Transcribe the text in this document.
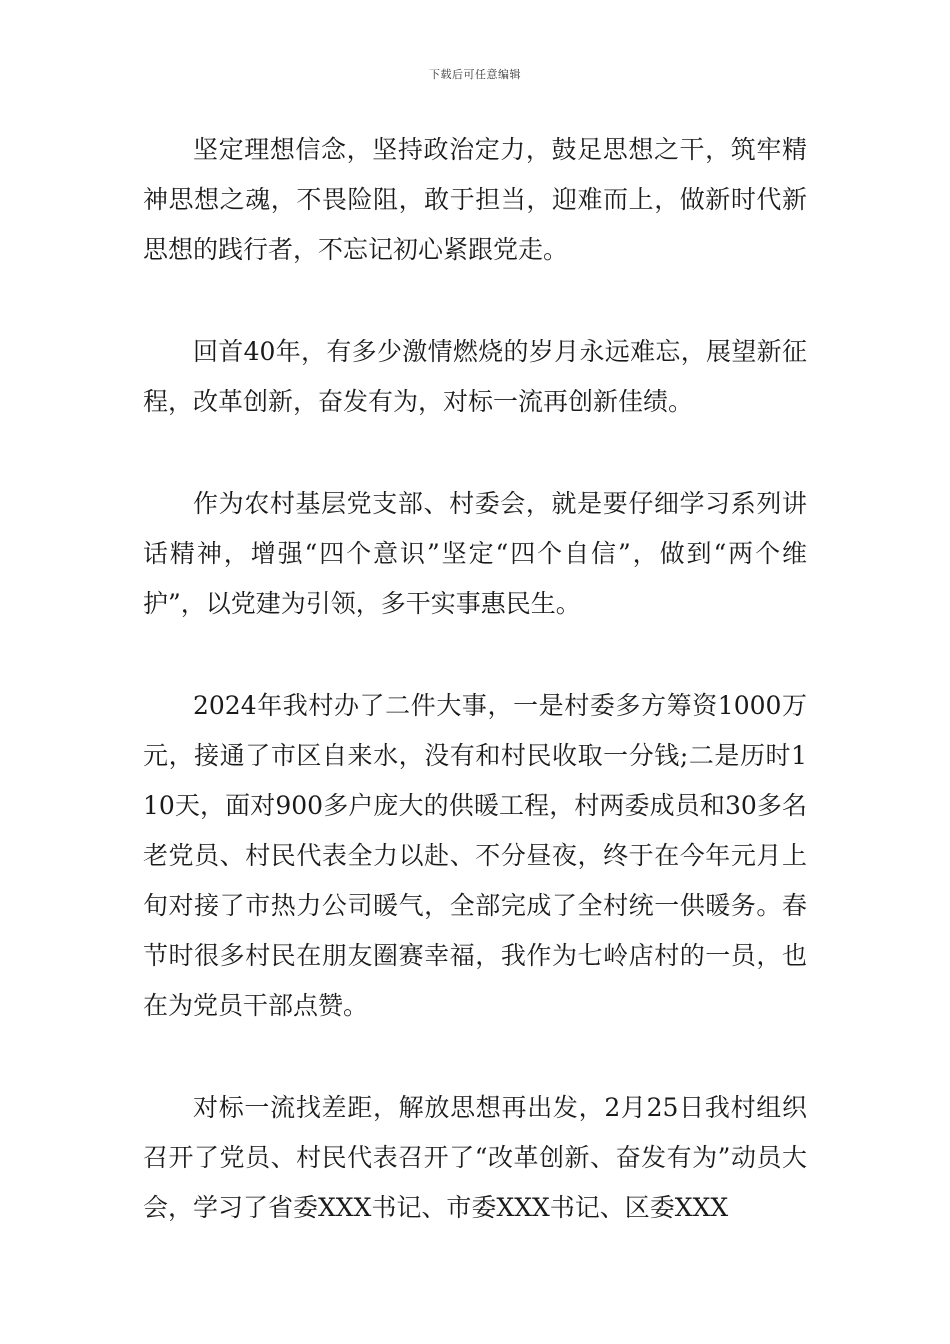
下载后可任意编辑

坚定理想信念，坚持政治定力，鼓足思想之干，筑牢精神思想之魂，不畏险阻，敢于担当，迎难而上，做新时代新思想的践行者，不忘记初心紧跟党走。

回首40年，有多少激情燃烧的岁月永远难忘，展望新征程，改革创新，奋发有为，对标一流再创新佳绩。

作为农村基层党支部、村委会，就是要仔细学习系列讲话精神，增强“四个意识”坚定“四个自信”，做到“两个维护”，以党建为引领，多干实事惠民生。

2024年我村办了二件大事，一是村委多方筹资1000万元，接通了市区自来水，没有和村民收取一分钱;二是历时110天，面对900多户庞大的供暖工程，村两委成员和30多名老党员、村民代表全力以赴、不分昼夜，终于在今年元月上旬对接了市热力公司暖气，全部完成了全村统一供暖务。春节时很多村民在朋友圈赛幸福，我作为七岭店村的一员，也在为党员干部点赞。

对标一流找差距，解放思想再出发，2月25日我村组织召开了党员、村民代表召开了“改革创新、奋发有为”动员大会，学习了省委XXX书记、市委XXX书记、区委XXX
